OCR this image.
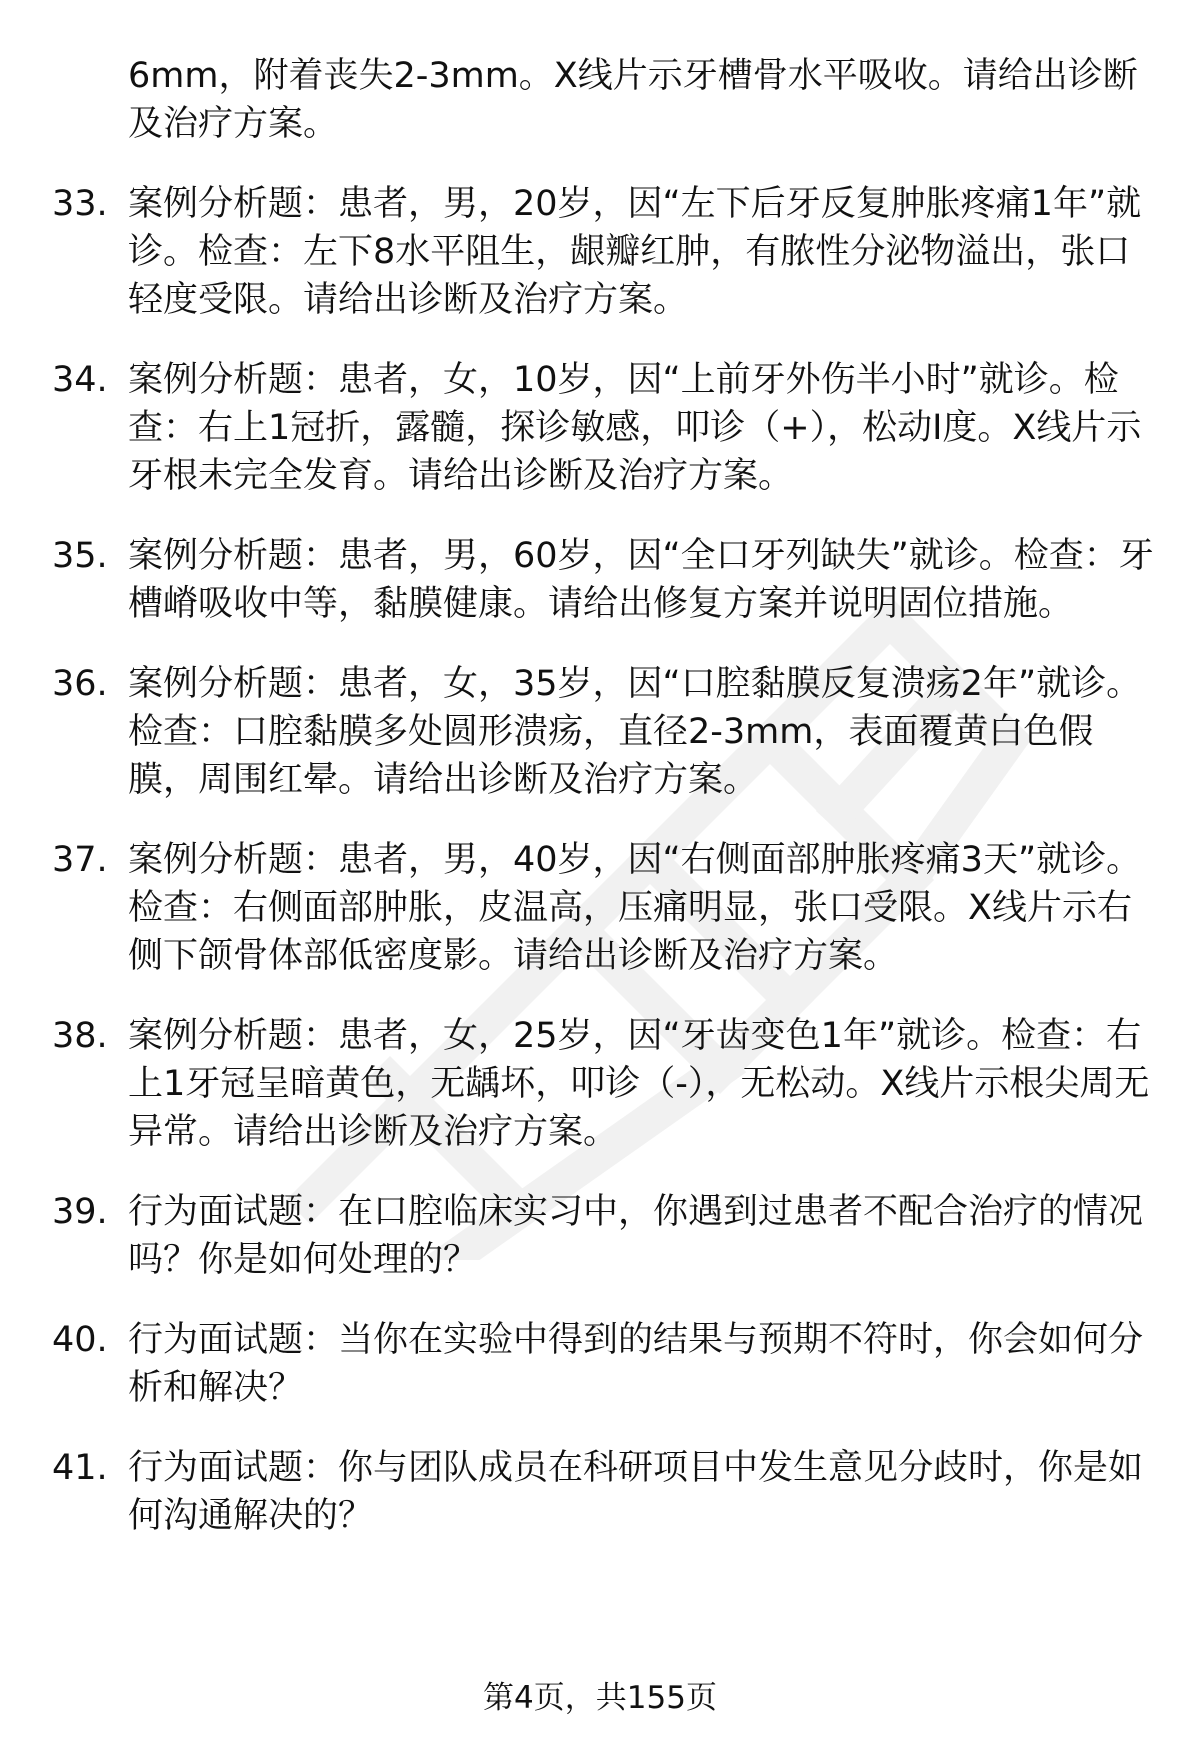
6mm，附着丧失2-3mm。X线片示牙槽骨水平吸收。请给出诊断及治疗方案。
33. 案例分析题：患者，男，20岁，因“左下后牙反复肿胀疼痛1年”就诊。检查：左下8水平阻生，龈瓣红肿，有脓性分泌物溢出，张口轻度受限。请给出诊断及治疗方案。
34. 案例分析题：患者，女，10岁，因“上前牙外伤半小时”就诊。检查：右上1冠折，露髓，探诊敏感，叩诊（+），松动Ⅰ度。X线片示牙根未完全发育。请给出诊断及治疗方案。
35. 案例分析题：患者，男，60岁，因“全口牙列缺失”就诊。检查：牙槽嵴吸收中等，黏膜健康。请给出修复方案并说明固位措施。
36. 案例分析题：患者，女，35岁，因“口腔黏膜反复溃疡2年”就诊。检查：口腔黏膜多处圆形溃疡，直径2-3mm，表面覆黄白色假膜，周围红晕。请给出诊断及治疗方案。
37. 案例分析题：患者，男，40岁，因“右侧面部肿胀疼痛3天”就诊。检查：右侧面部肿胀，皮温高，压痛明显，张口受限。X线片示右侧下颌骨体部低密度影。请给出诊断及治疗方案。
38. 案例分析题：患者，女，25岁，因“牙齿变色1年”就诊。检查：右上1牙冠呈暗黄色，无龋坏，叩诊（-），无松动。X线片示根尖周无异常。请给出诊断及治疗方案。
39. 行为面试题：在口腔临床实习中，你遇到过患者不配合治疗的情况吗？你是如何处理的？
40. 行为面试题：当你在实验中得到的结果与预期不符时，你会如何分析和解决？
41. 行为面试题：你与团队成员在科研项目中发生意见分歧时，你是如何沟通解决的？
第4页，共155页
